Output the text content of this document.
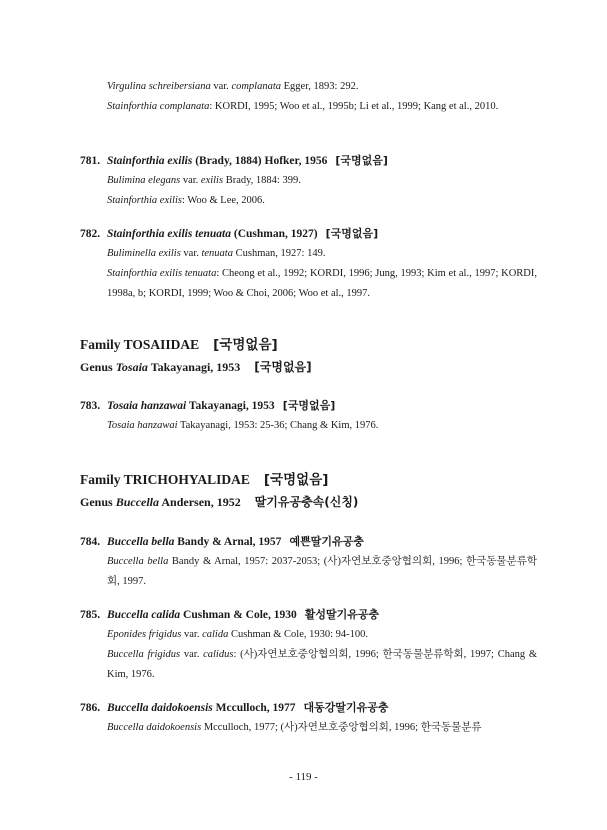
Virgulina schreibersiana var. complanata Egger, 1893: 292.
Stainforthia complanata: KORDI, 1995; Woo et al., 1995b; Li et al., 1999; Kang et al., 2010.
781. Stainforthia exilis (Brady, 1884) Hofker, 1956 [국명없음]
Bulimina elegans var. exilis Brady, 1884: 399.
Stainforthia exilis: Woo & Lee, 2006.
782. Stainforthia exilis tenuata (Cushman, 1927) [국명없음]
Buliminella exilis var. tenuata Cushman, 1927: 149.
Stainforthia exilis tenuata: Cheong et al., 1992; KORDI, 1996; Jung, 1993; Kim et al., 1997; KORDI, 1998a, b; KORDI, 1999; Woo & Choi, 2006; Woo et al., 1997.
Family TOSAIIDAE [국명없음]
Genus Tosaia Takayanagi, 1953 [국명없음]
783. Tosaia hanzawai Takayanagi, 1953 [국명없음]
Tosaia hanzawai Takayanagi, 1953: 25-36; Chang & Kim, 1976.
Family TRICHOHYALIDAE [국명없음]
Genus Buccella Andersen, 1952 딸기유공충속(신칭)
784. Buccella bella Bandy & Arnal, 1957 예쁜딸기유공충
Buccella bella Bandy & Arnal, 1957: 2037-2053; (사)자연보호중앙협의회, 1996; 한국동물분류학회, 1997.
785. Buccella calida Cushman & Cole, 1930 활성딸기유공충
Eponides frigidus var. calida Cushman & Cole, 1930: 94-100.
Buccella frigidus var. calidus: (사)자연보호중앙협의회, 1996; 한국동물분류학회, 1997; Chang & Kim, 1976.
786. Buccella daidokoensis Mcculloch, 1977 대동강딸기유공충
Buccella daidokoensis Mcculloch, 1977; (사)자연보호중앙협의회, 1996; 한국동물분류
- 119 -
